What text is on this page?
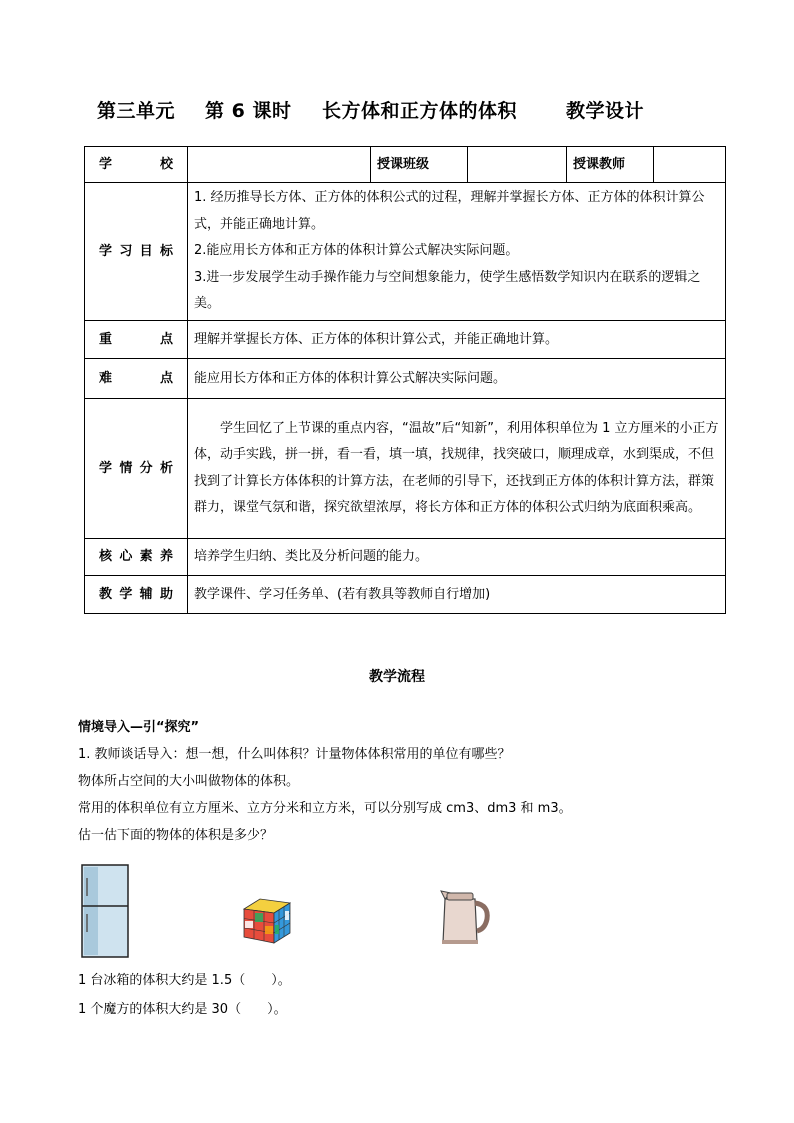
第三单元 第 6 课时 长方体和正方体的体积	教学设计
学 校		授课班级		授课教师	
学习目标	1. 经历推导长方体、正方体的体积公式的过程，理解并掌握长方体、正方体的体积计算公式，并能正确地计算。

2.能应用长方体和正方体的体积计算公式解决实际问题。

3.进一步发展学生动手操作能力与空间想象能力，使学生感悟数学知识内在联系的逻辑之美。				

重 点	理解并掌握长方体、正方体的体积计算公式，并能正确地计算。				
难 点	能应用长方体和正方体的体积计算公式解决实际问题。				
学情分析	学生回忆了上节课的重点内容，“温故”后“知新”，利用体积单位为 1 立方厘米的小正方体，动手实践，拼一拼，看一看，填一填，找规律，找突破口，顺理成章，水到渠成，不但找到了计算长方体体积的计算方法，在老师的引导下，还找到正方体的体积计算方法，群策群力，课堂气氛和谐，探究欲望浓厚，将长方体和正方体的体积公式归纳为底面积乘高。				

核心素养	培养学生归纳、类比及分析问题的能力。				
教学辅助	教学课件、学习任务单、(若有教具等教师自行增加)				
教学流程

情境导入—引“探究”

1. 教师谈话导入：想一想，什么叫体积？计量物体体积常用的单位有哪些？

物体所占空间的大小叫做物体的体积。

常用的体积单位有立方厘米、立方分米和立方米，可以分别写成 cm3、dm3 和 m3。

估一估下面的物体的体积是多少？

1 台冰箱的体积大约是 1.5（　　）。

1 个魔方的体积大约是 30（　　）。
